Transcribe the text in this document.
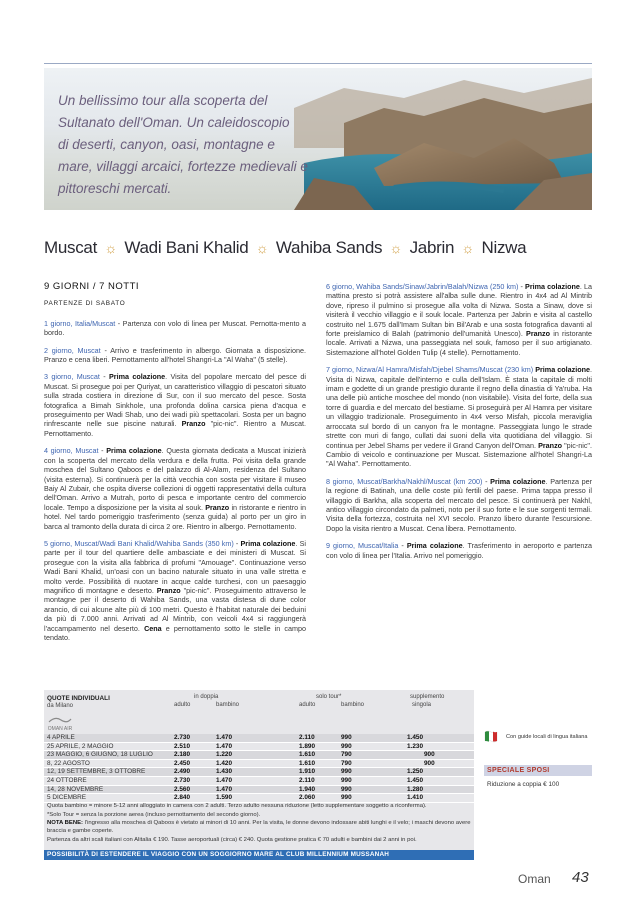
Un bellissimo tour alla scoperta del
Sultanato dell'Oman. Un caleidoscopio
di deserti, canyon, oasi, montagne e
mare, villaggi arcaici, fortezze medievali e
pittoreschi mercati.
Muscat ☼ Wadi Bani Khalid ☼ Wahiba Sands ☼ Jabrin ☼ Nizwa
9 GIORNI / 7 NOTTI
PARTENZE DI SABATO

1 giorno, Italia/Muscat - Partenza con volo di linea per Muscat. Pernotta-mento a bordo.

2 giorno, Muscat - Arrivo e trasferimento in albergo. Giornata a disposizione. Pranzo e cena liberi. Pernottamento all'hotel Shangri-La "Al Waha" (5 stelle).

3 giorno, Muscat - Prima colazione. Visita del popolare mercato del pesce di Muscat. Si prosegue poi per Quriyat, un caratteristico villaggio di pescatori situato sulla strada costiera in direzione di Sur, con il suo mercato del pesce. Sosta fotografica a Bimah Sinkhole, una profonda dolina carsica piena d'acqua e proseguimento per Wadi Shab, uno dei wadi più spettacolari. Sosta per un bagno rinfrescante nelle sue piscine naturali. Pranzo "pic-nic". Rientro a Muscat. Pernottamento.

4 giorno, Muscat - Prima colazione. Questa giornata dedicata a Muscat inizierà con la scoperta del mercato della verdura e della frutta. Poi visita della grande moschea del Sultano Qaboos e del palazzo di Al-Alam, residenza del Sultano (visita esterna). Si continuerà per la città vecchia con sosta per visitare il museo Baiy Al Zubair, che ospita diverse collezioni di oggetti rappresentativi della cultura dell'Oman. Arrivo a Mutrah, porto di pesca e importante centro del commercio locale. Tempo a disposizione per la visita al souk. Pranzo in ristorante e rientro in hotel. Nel tardo pomeriggio trasferimento (senza guida) al porto per un giro in barca al tramonto della durata di circa 2 ore. Rientro in albergo. Pernottamento.

5 giorno, Muscat/Wadi Bani Khalid/Wahiba Sands (350 km) - Prima colazione. Si parte per il tour del quartiere delle ambasciate e dei ministeri di Muscat. Si prosegue con la visita alla fabbrica di profumi "Amouage". Continuazione verso Wadi Bani Khalid, un'oasi con un bacino naturale situato in una valle stretta e molto verde. Possibilità di nuotare in acque calde turchesi, con un paesaggio magnifico di montagne e deserto. Pranzo "pic-nic". Proseguimento attraverso le montagne per il deserto di Wahiba Sands, una vasta distesa di dune color arancio, di cui alcune alte più di 100 metri. Questo è l'habitat naturale dei beduini da più di 7.000 anni. Arrivati ad Al Mintrib, con veicoli 4x4 si raggiungerà l'accampamento nel deserto. Cena e pernottamento sotto le stelle in campo tendato.

6 giorno, Wahiba Sands/Sinaw/Jabrin/Balah/Nizwa (250 km) - Prima colazione. La mattina presto si potrà assistere all'alba sulle dune. Rientro in 4x4 ad Al Mintrib dove, ripreso il pulmino si prosegue alla volta di Nizwa. Sosta a Sinaw, dove si visiterà il vecchio villaggio e il souk locale. Partenza per Jabrin e visita al castello costruito nel 1.675 dall'Imam Sultan bin Bil'Arab e una sosta fotografica davanti al forte preislamico di Balah (patrimonio dell'umanità Unesco). Pranzo in ristorante locale. Arrivati a Nizwa, una passeggiata nel souk, famoso per il suo artigianato. Sistemazione all'hotel Golden Tulip (4 stelle). Pernottamento.

7 giorno, Nizwa/Al Hamra/Misfah/Djebel Shams/Muscat (230 km) Prima colazione. Visita di Nizwa, capitale dell'interno e culla dell'Islam. È stata la capitale di molti imam e godette di un grande prestigio durante il regno della dinastia di Ya'ruba. Ha una delle più antiche moschee del mondo (non visitabile). Visita del forte, della sua torre di guardia e del mercato del bestiame. Si proseguirà per Al Hamra per visitare un villaggio tradizionale. Proseguimento in 4x4 verso Misfah, piccola meraviglia arroccata sul bordo di un canyon fra le montagne. Passeggiata lungo le strade strette con muri di fango, cullati dai suoni della vita quotidiana del villaggio. Si continua per Jebel Shams per vedere il Grand Canyon dell'Oman. Pranzo "pic-nic". Cambio di veicolo e continuazione per Muscat. Sistemazione all'hotel Shangri-La "Al Waha". Pernottamento.

8 giorno, Muscat/Barkha/Nakhl/Muscat (km 200) - Prima colazione. Partenza per la regione di Batinah, una delle coste più fertili del paese. Prima tappa presso il villaggio di Barkha, alla scoperta del mercato del pesce. Si continuerà per Nakhl, antico villaggio circondato da palmeti, noto per il suo forte e le sue sorgenti termali. Visita della fortezza, costruita nel XVI secolo. Pranzo libero durante l'escursione. Dopo la visita rientro a Muscat. Cena libera. Pernottamento.

9 giorno, Muscat/Italia - Prima colazione. Trasferimento in aeroporto e partenza con volo di linea per l'Italia. Arrivo nel pomeriggio.

QUOTE INDIVIDUALI
da Milano
in doppia	solo tour*	supplemento
adulto	bambino	adulto	bambino	singola
OMAN AIR
4 APRILE	2.730	1.470	2.110	990	1.450
25 APRILE, 2 MAGGIO	2.510	1.470	1.890	990	1.230
23 MAGGIO, 6 GIUGNO, 18 LUGLIO	2.180	1.220	1.610	790	900
8, 22 AGOSTO	2.450	1.420	1.610	790	900
12, 19 SETTEMBRE, 3 OTTOBRE	2.490	1.430	1.910	990	1.250
24 OTTOBRE	2.730	1.470	2.110	990	1.450
14, 28 NOVEMBRE	2.560	1.470	1.940	990	1.280
5 DICEMBRE	2.840	1.590	2.060	990	1.410
Quota bambino = minore 5-12 anni alloggiato in camera con 2 adulti. Terzo adulto nessuna riduzione (letto supplementare soggetto a riconferma).
*Solo Tour = senza la porzione aerea (incluso pernottamento del secondo giorno).
NOTA BENE: l'ingresso alla moschea di Qaboos è vietato ai minori di 10 anni. Per la visita, le donne devono indossare abiti lunghi e il velo; i maschi devono avere braccia e gambe coperte.
Partenza da altri scali italiani con Alitalia € 190. Tasse aeroportuali (circa) € 240. Quota gestione pratica € 70 adulti e bambini dai 2 anni in poi.
POSSIBILITÀ DI ESTENDERE IL VIAGGIO CON UN SOGGIORNO MARE AL CLUB MILLENNIUM MUSSANAH
Con guide locali di lingua italiana
SPECIALE SPOSI
Riduzione a coppia € 100
Oman 43
